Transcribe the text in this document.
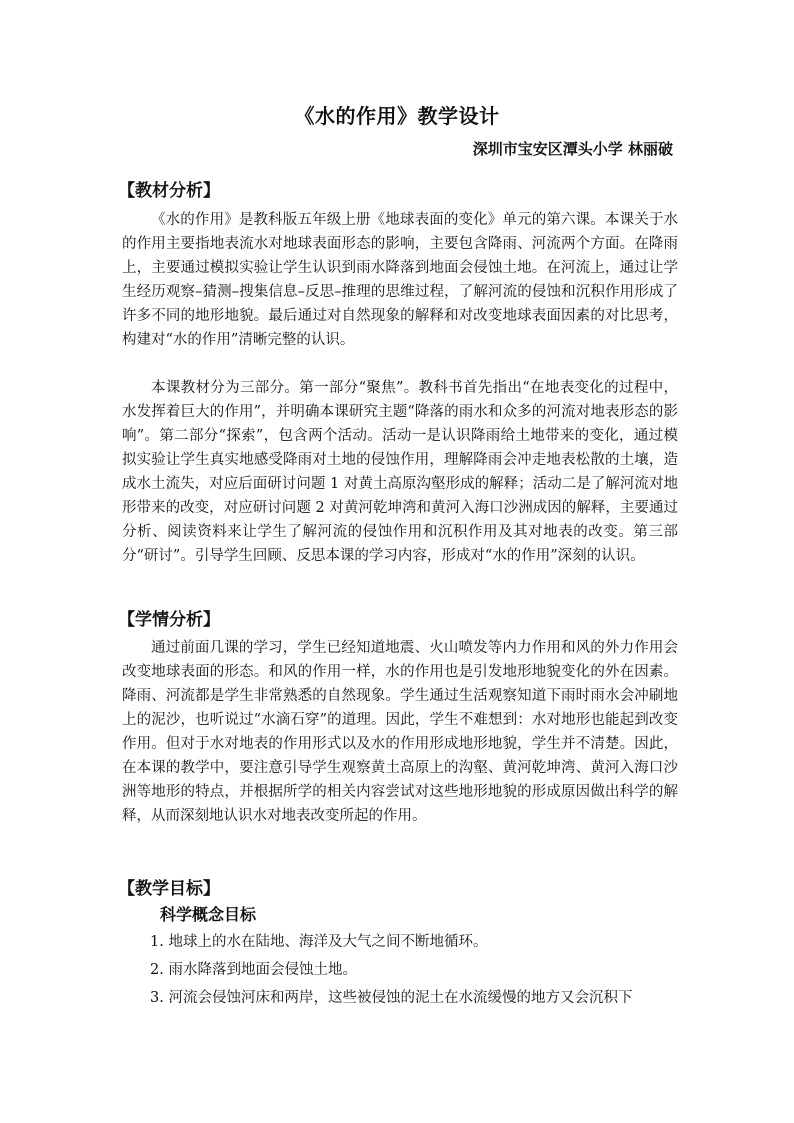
《水的作用》教学设计
深圳市宝安区潭头小学 林丽破
【教材分析】
《水的作用》是教科版五年级上册《地球表面的变化》单元的第六课。本课关于水的作用主要指地表流水对地球表面形态的影响，主要包含降雨、河流两个方面。在降雨上，主要通过模拟实验让学生认识到雨水降落到地面会侵蚀土地。在河流上，通过让学生经历观察–猜测–搜集信息–反思–推理的思维过程，了解河流的侵蚀和沉积作用形成了许多不同的地形地貌。最后通过对自然现象的解释和对改变地球表面因素的对比思考，构建对“水的作用”清晰完整的认识。
本课教材分为三部分。第一部分“聚焦”。教科书首先指出“在地表变化的过程中，水发挥着巨大的作用”，并明确本课研究主题“降落的雨水和众多的河流对地表形态的影响”。第二部分“探索”，包含两个活动。活动一是认识降雨给土地带来的变化，通过模拟实验让学生真实地感受降雨对土地的侵蚀作用，理解降雨会冲走地表松散的土壤，造成水土流失，对应后面研讨问题 1 对黄土高原沟壑形成的解释；活动二是了解河流对地形带来的改变，对应研讨问题 2 对黄河乾坤湾和黄河入海口沙洲成因的解释，主要通过分析、阅读资料来让学生了解河流的侵蚀作用和沉积作用及其对地表的改变。第三部分“研讨”。引导学生回顾、反思本课的学习内容，形成对“水的作用”深刻的认识。
【学情分析】
通过前面几课的学习，学生已经知道地震、火山喷发等内力作用和风的外力作用会改变地球表面的形态。和风的作用一样，水的作用也是引发地形地貌变化的外在因素。降雨、河流都是学生非常熟悉的自然现象。学生通过生活观察知道下雨时雨水会冲刷地上的泥沙，也听说过“水滴石穿”的道理。因此，学生不难想到：水对地形也能起到改变作用。但对于水对地表的作用形式以及水的作用形成地形地貌，学生并不清楚。因此，在本课的教学中，要注意引导学生观察黄土高原上的沟壑、黄河乾坤湾、黄河入海口沙洲等地形的特点，并根据所学的相关内容尝试对这些地形地貌的形成原因做出科学的解释，从而深刻地认识水对地表改变所起的作用。
【教学目标】
科学概念目标
1. 地球上的水在陆地、海洋及大气之间不断地循环。
2. 雨水降落到地面会侵蚀土地。
3. 河流会侵蚀河床和两岸，这些被侵蚀的泥土在水流缓慢的地方又会沉积下
